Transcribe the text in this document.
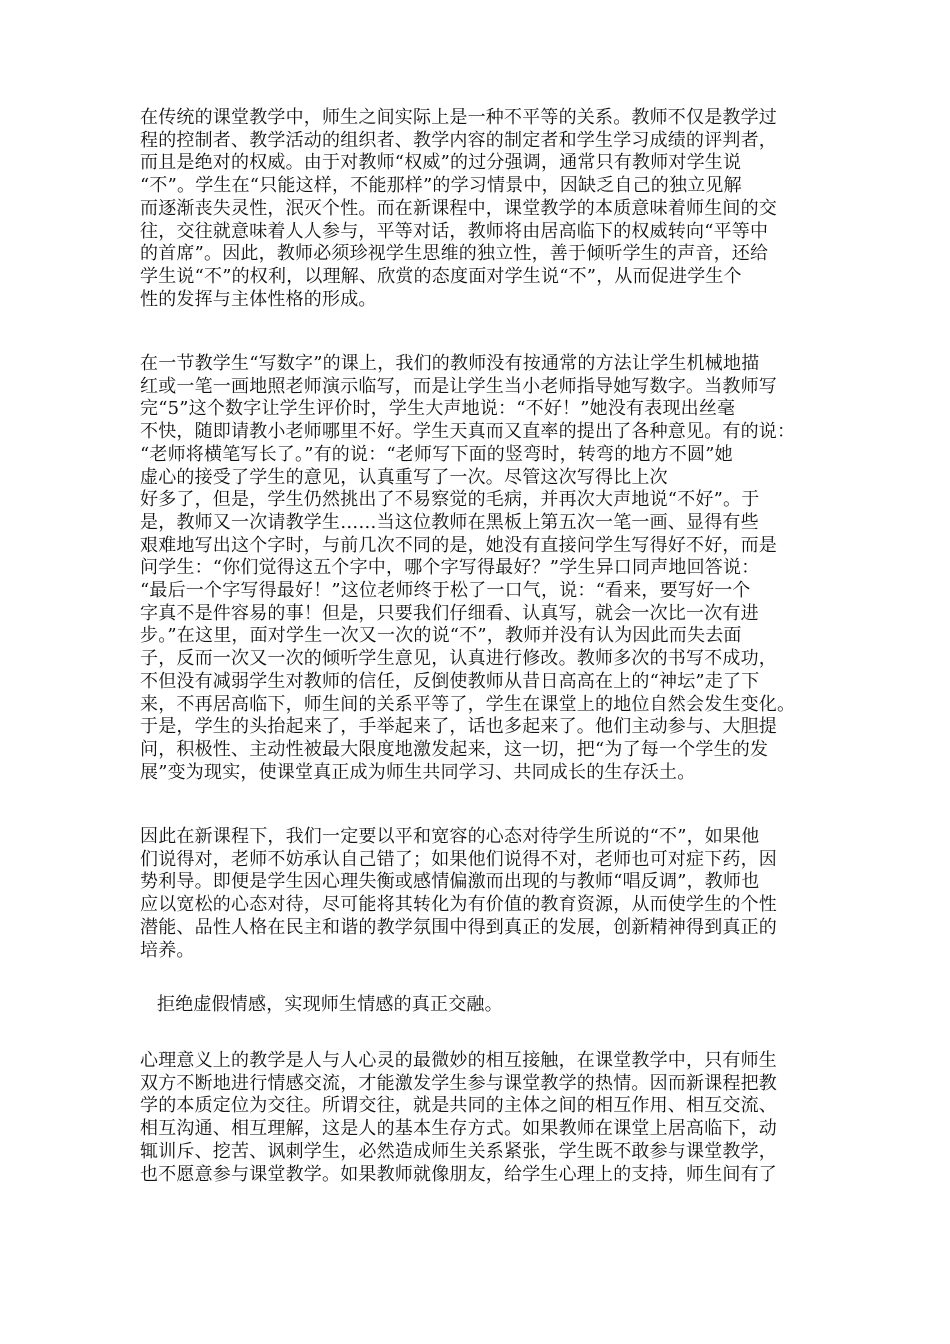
在传统的课堂教学中，师生之间实际上是一种不平等的关系。教师不仅是教学过
程的控制者、教学活动的组织者、教学内容的制定者和学生学习成绩的评判者，
而且是绝对的权威。由于对教师“权威”的过分强调，通常只有教师对学生说
“不”。学生在“只能这样，不能那样”的学习情景中，因缺乏自己的独立见解
而逐渐丧失灵性，泯灭个性。而在新课程中，课堂教学的本质意味着师生间的交
往，交往就意味着人人参与，平等对话，教师将由居高临下的权威转向“平等中
的首席”。因此，教师必须珍视学生思维的独立性，善于倾听学生的声音，还给
学生说“不”的权利，以理解、欣赏的态度面对学生说“不”，从而促进学生个
性的发挥与主体性格的形成。
在一节教学生“写数字”的课上，我们的教师没有按通常的方法让学生机械地描
红或一笔一画地照老师演示临写，而是让学生当小老师指导她写数字。当教师写
完“5”这个数字让学生评价时，学生大声地说：“不好！”她没有表现出丝毫
不快，随即请教小老师哪里不好。学生天真而又直率的提出了各种意见。有的说：
“老师将横笔写长了。”有的说：“老师写下面的竖弯时，转弯的地方不圆”她
虚心的接受了学生的意见，认真重写了一次。尽管这次写得比上次
好多了，但是，学生仍然挑出了不易察觉的毛病，并再次大声地说“不好”。于
是，教师又一次请教学生……当这位教师在黑板上第五次一笔一画、显得有些
艰难地写出这个字时，与前几次不同的是，她没有直接问学生写得好不好，而是
问学生：“你们觉得这五个字中，哪个字写得最好？”学生异口同声地回答说：
“最后一个字写得最好！”这位老师终于松了一口气，说：“看来，要写好一个
字真不是件容易的事！但是，只要我们仔细看、认真写，就会一次比一次有进
步。”在这里，面对学生一次又一次的说“不”，教师并没有认为因此而失去面
子，反而一次又一次的倾听学生意见，认真进行修改。教师多次的书写不成功，
不但没有减弱学生对教师的信任，反倒使教师从昔日高高在上的“神坛”走了下
来，不再居高临下，师生间的关系平等了，学生在课堂上的地位自然会发生变化。
于是，学生的头抬起来了，手举起来了，话也多起来了。他们主动参与、大胆提
问，积极性、主动性被最大限度地激发起来，这一切，把“为了每一个学生的发
展”变为现实，使课堂真正成为师生共同学习、共同成长的生存沃土。
因此在新课程下，我们一定要以平和宽容的心态对待学生所说的“不”，如果他
们说得对，老师不妨承认自己错了；如果他们说得不对，老师也可对症下药，因
势利导。即便是学生因心理失衡或感情偏激而出现的与教师“唱反调”，教师也
应以宽松的心态对待，尽可能将其转化为有价值的教育资源，从而使学生的个性
潜能、品性人格在民主和谐的教学氛围中得到真正的发展，创新精神得到真正的
培养。
拒绝虚假情感，实现师生情感的真正交融。
心理意义上的教学是人与人心灵的最微妙的相互接触，在课堂教学中，只有师生
双方不断地进行情感交流，才能激发学生参与课堂教学的热情。因而新课程把教
学的本质定位为交往。所谓交往，就是共同的主体之间的相互作用、相互交流、
相互沟通、相互理解，这是人的基本生存方式。如果教师在课堂上居高临下，动
辄训斥、挖苦、讽刺学生，必然造成师生关系紧张，学生既不敢参与课堂教学，
也不愿意参与课堂教学。如果教师就像朋友，给学生心理上的支持，师生间有了
